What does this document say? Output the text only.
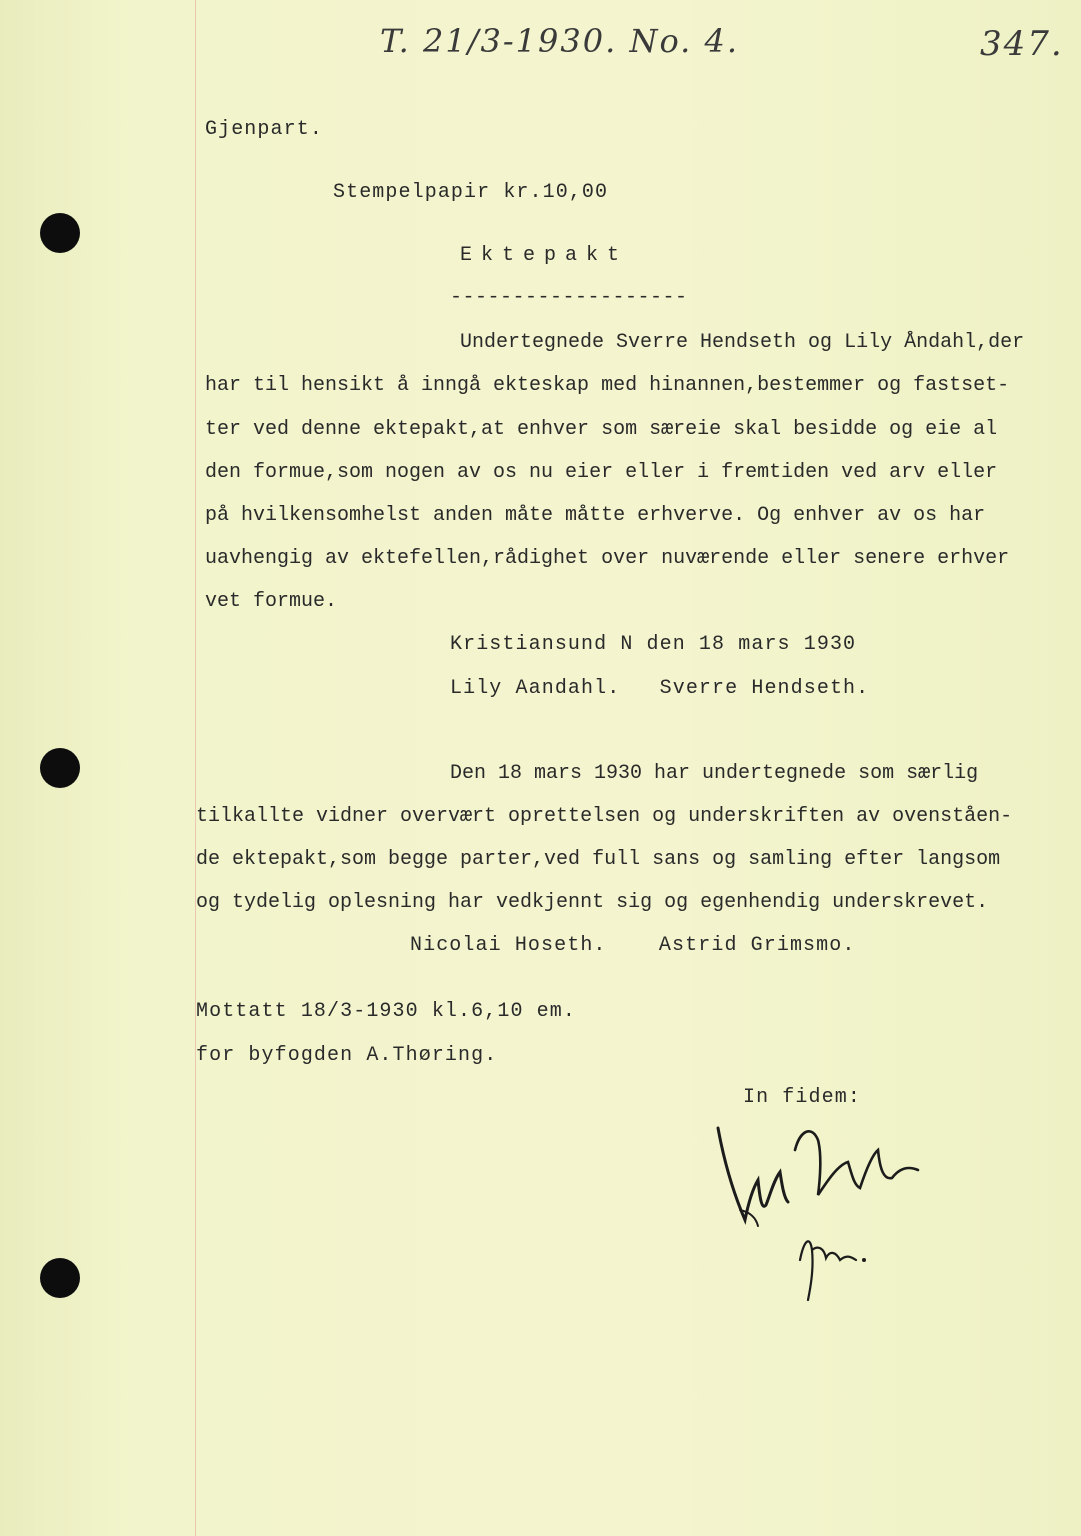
T. 21/3-1930. No. 4.	347.
Gjenpart.
Stempelpapir kr.10,00
Ektepakt
-------------------
Undertegnede Sverre Hendseth og Lily Åndahl,der
har til hensikt å inngå ekteskap med hinannen,bestemmer og fastset-
ter ved denne ektepakt,at enhver som særeie skal besidde og eie al
den formue,som nogen av os nu eier eller i fremtiden ved arv eller
på hvilkensomhelst anden måte måtte erhverve. Og enhver av os har
uavhengig av ektefellen,rådighet over nuværende eller senere erhver
vet formue.
Kristiansund N den 18 mars 1930
Lily Aandahl.   Sverre Hendseth.
Den 18 mars 1930 har undertegnede som særlig
tilkallte vidner overvært oprettelsen og underskriften av ovenståen-
de ektepakt,som begge parter,ved full sans og samling efter langsom
og tydelig oplesning har vedkjennt sig og egenhendig underskrevet.
Nicolai Hoseth.    Astrid Grimsmo.
Mottatt 18/3-1930 kl.6,10 em.
for byfogden A.Thøring.
In fidem:
